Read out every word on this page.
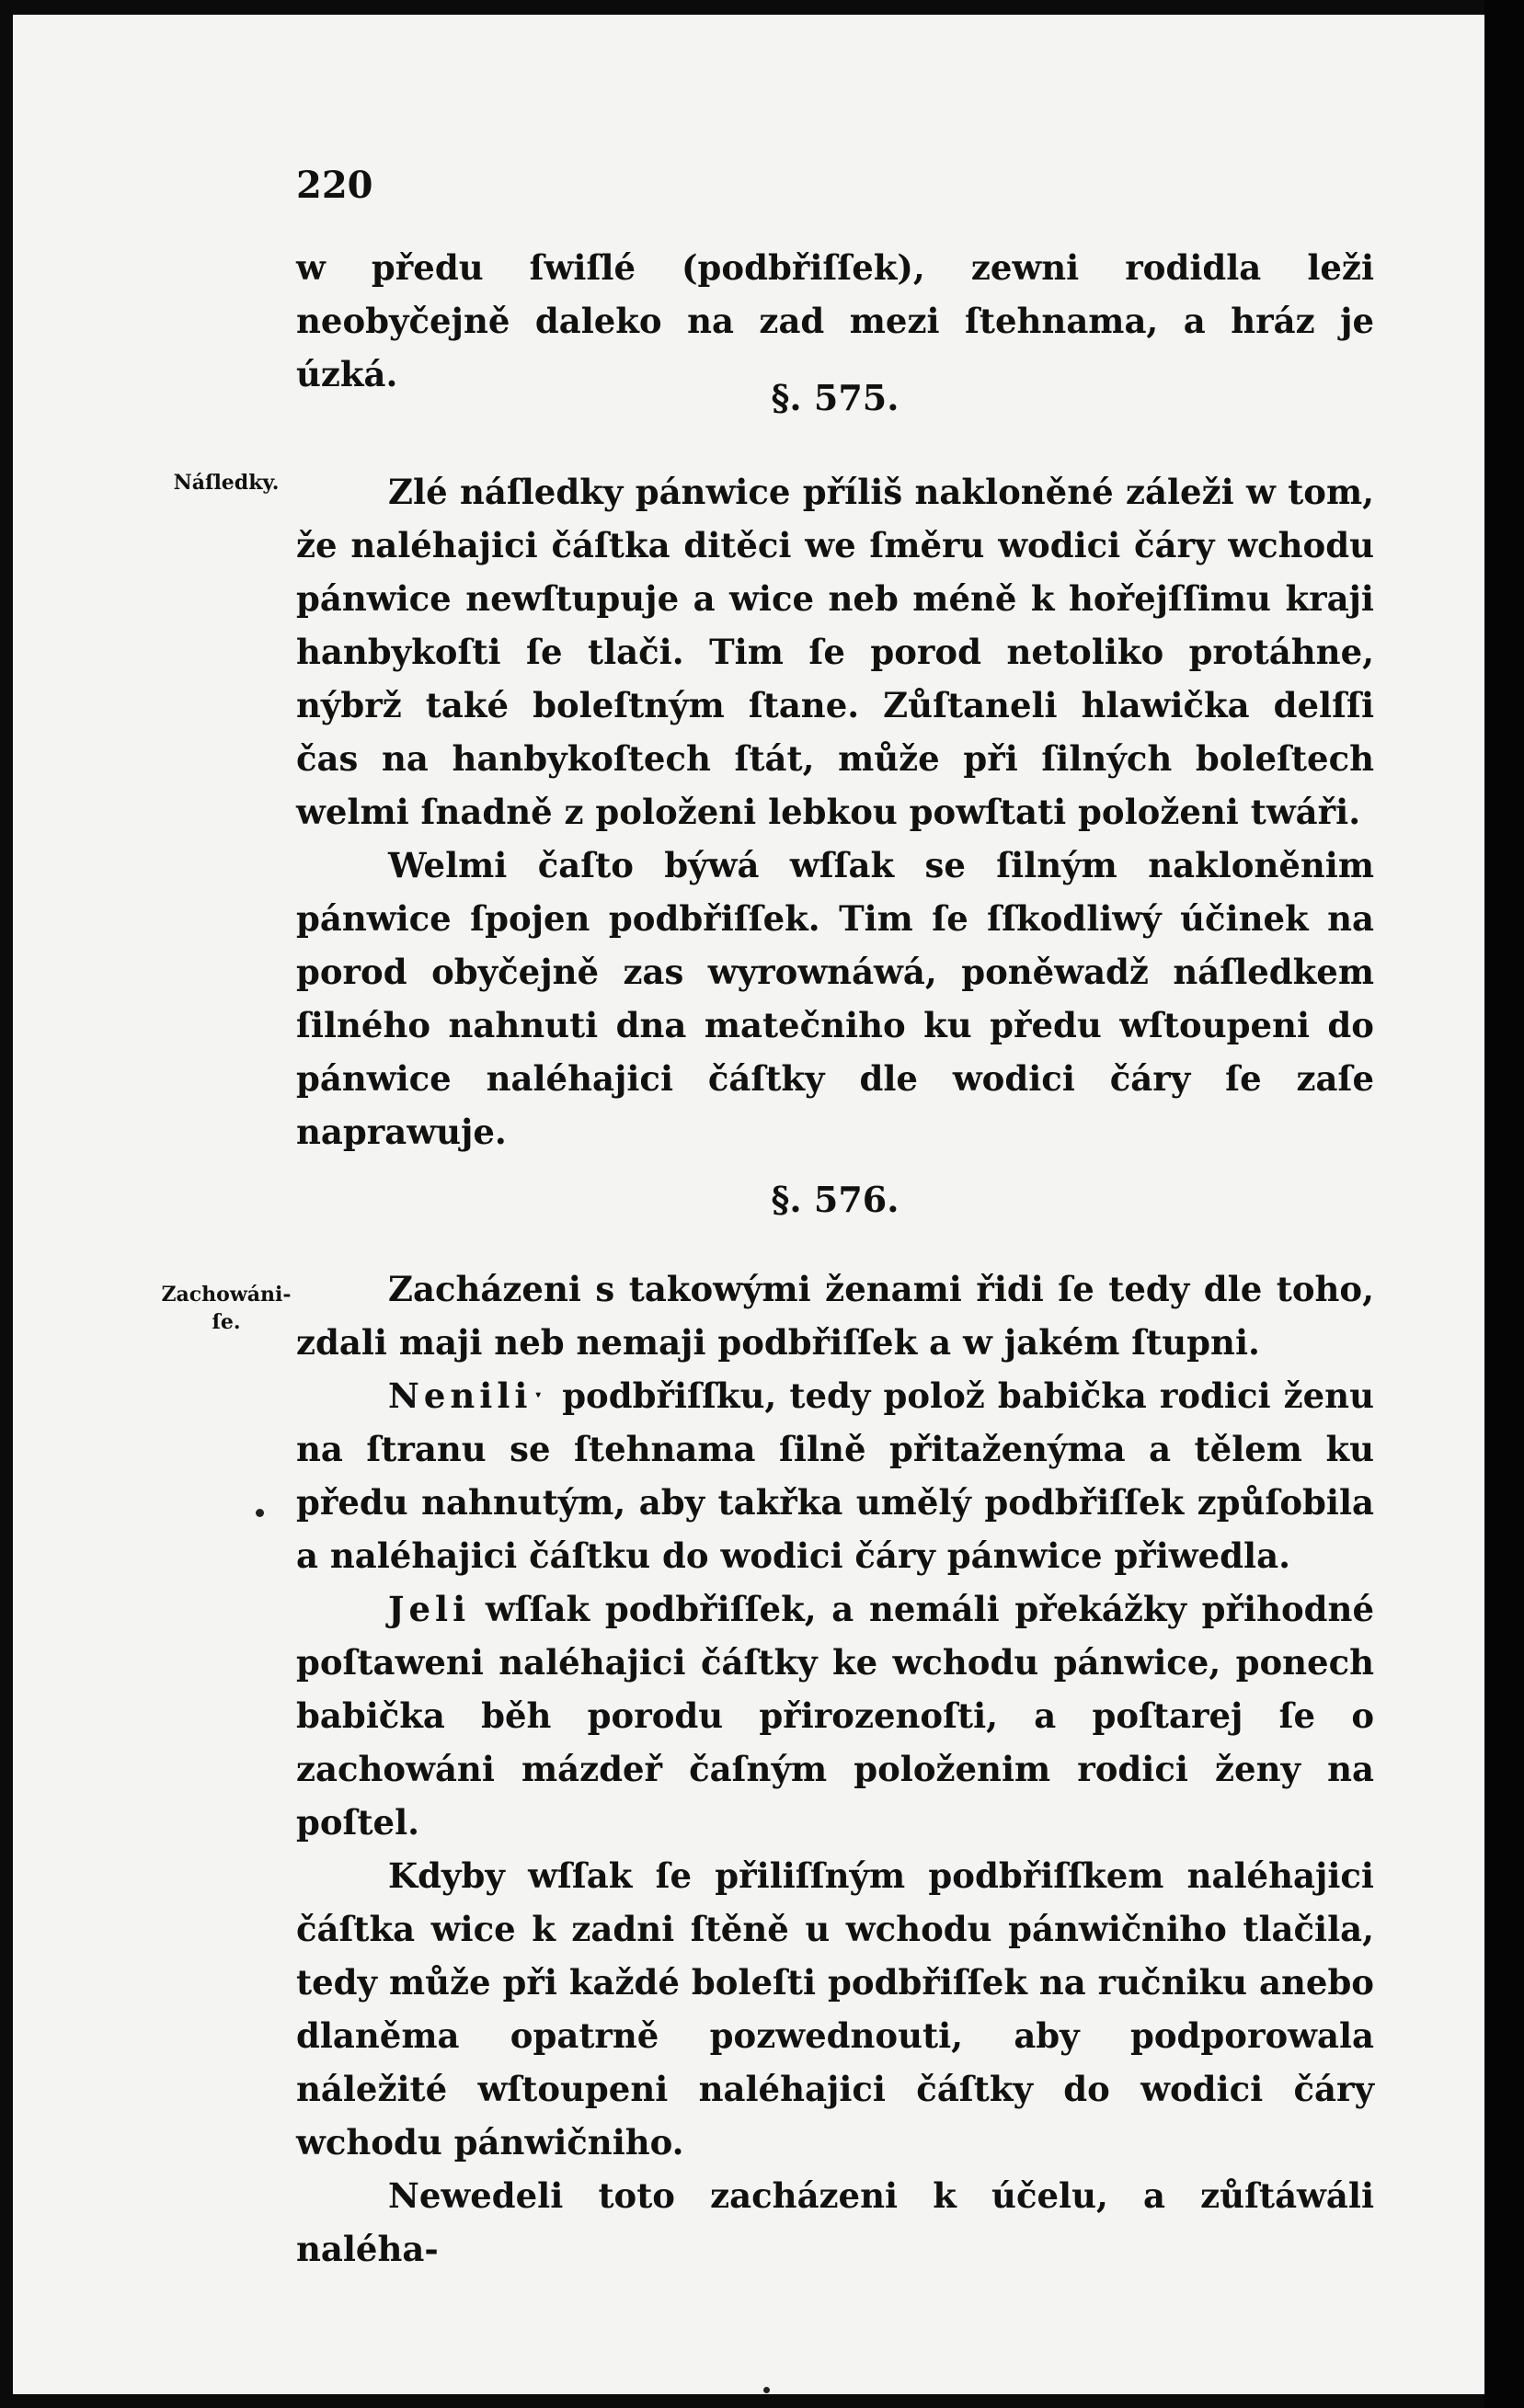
220

w předu ſwiſlé (podbřiſſek), zewni rodidla leži neobyčejně daleko na zad mezi ſtehnama, a hráz je úzká.

§. 575.
Náſledky.	Zlé náſledky pánwice příliš nakloněné záleži w tom, že naléhajici čáſtka ditěci we ſměru wodici čáry wchodu pánwice newſtupuje a wice neb méně k hořejſſimu kraji hanbykoſti ſe tlači. Tim ſe porod netoliko protáhne, nýbrž také boleſtným ſtane. Zůſtaneli hlawička delſſi čas na hanbykoſtech ſtát, může při ſilných boleſtech welmi ſnadně z položeni lebkou powſtati položeni twáři.

Welmi čaſto býwá wſſak se ſilným nakloněnim pánwice ſpojen podbřiſſek. Tim ſe ſſkodliwý účinek na porod obyčejně zas wyrownáwá, poněwadž náſledkem ſilného nahnuti dna matečniho ku předu wſtoupeni do pánwice naléhajici čáſtky dle wodici čáry ſe zaſe naprawuje.

§. 576.
Zachowáni-ſe.

Zacházeni s takowými ženami řidi ſe tedy dle toho, zdali maji neb nemaji podbřiſſek a w jakém ſtupni.

Neniliˑ podbřiſſku, tedy polož babička rodici ženu na ſtranu se ſtehnama ſilně přitaženýma a tělem ku předu nahnutým, aby takřka umělý podbřiſſek způſobila a naléhajici čáſtku do wodici čáry pánwice přiwedla.

Jeli wſſak podbřiſſek, a nemáli překážky přihodné poſtaweni naléhajici čáſtky ke wchodu pánwice, ponech babička běh porodu přirozenoſti, a poſtarej ſe o zachowáni mázdeř čaſným položenim rodici ženy na poſtel.

Kdyby wſſak ſe přiliſſným podbřiſſkem naléhajici čáſtka wice k zadni ſtěně u wchodu pánwičniho tlačila, tedy může při každé boleſti podbřiſſek na ručniku anebo dlaněma opatrně pozwednouti, aby podporowala náležité wſtoupeni naléhajici čáſtky do wodici čáry wchodu pánwičniho.

Newedeli toto zacházeni k účelu, a zůſtáwáli naléha-
